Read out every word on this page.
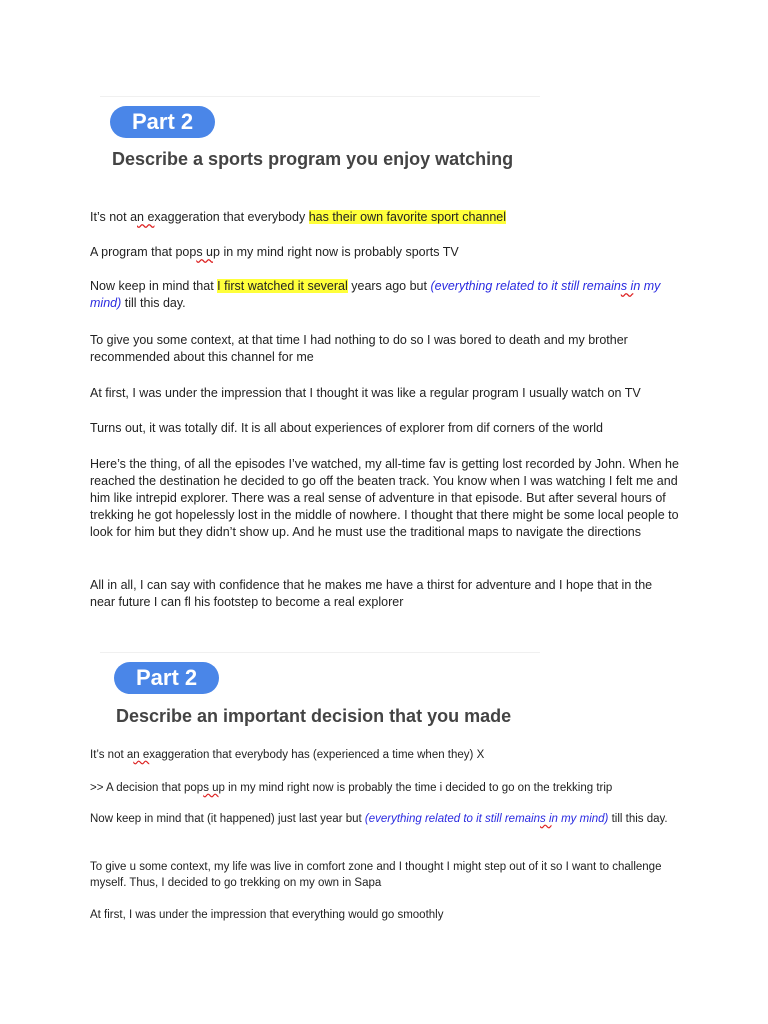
Part 2
Describe a sports program you enjoy watching
It’s not an exaggeration that everybody has their own favorite sport channel
A program that pops up in my mind right now is probably sports TV
Now keep in mind that I first watched it several years ago but (everything related to it still remains in my mind) till this day.
To give you some context, at that time I had nothing to do so I was bored to death and my brother recommended about this channel for me
At first, I was under the impression that I thought it was like a regular program I usually watch on TV
Turns out, it was totally dif. It is all about experiences of explorer from dif corners of the world
Here’s the thing, of all the episodes I’ve watched, my all-time fav is getting lost recorded by John. When he reached the destination he decided to go off the beaten track. You know when I was watching I felt me and him like intrepid explorer. There was a real sense of adventure in that episode. But after several hours of trekking he got hopelessly lost in the middle of nowhere. I thought that there might be some local people to look for him but they didn’t show up. And he must use the traditional maps to navigate the directions
All in all, I can say with confidence that he makes me have a thirst for adventure and I hope that in the near future I can fl his footstep to become a real explorer
Part 2
Describe an important decision that you made
It’s not an exaggeration that everybody has (experienced a time when they) X
>> A decision that pops up in my mind right now is probably the time i decided to go on the trekking trip
Now keep in mind that (it happened) just last year but (everything related to it still remains in my mind) till this day.
To give u some context, my life was live in comfort zone and I thought I might step out of it so I want to challenge myself. Thus, I decided to go trekking on my own in Sapa
At first, I was under the impression that everything would go smoothly
